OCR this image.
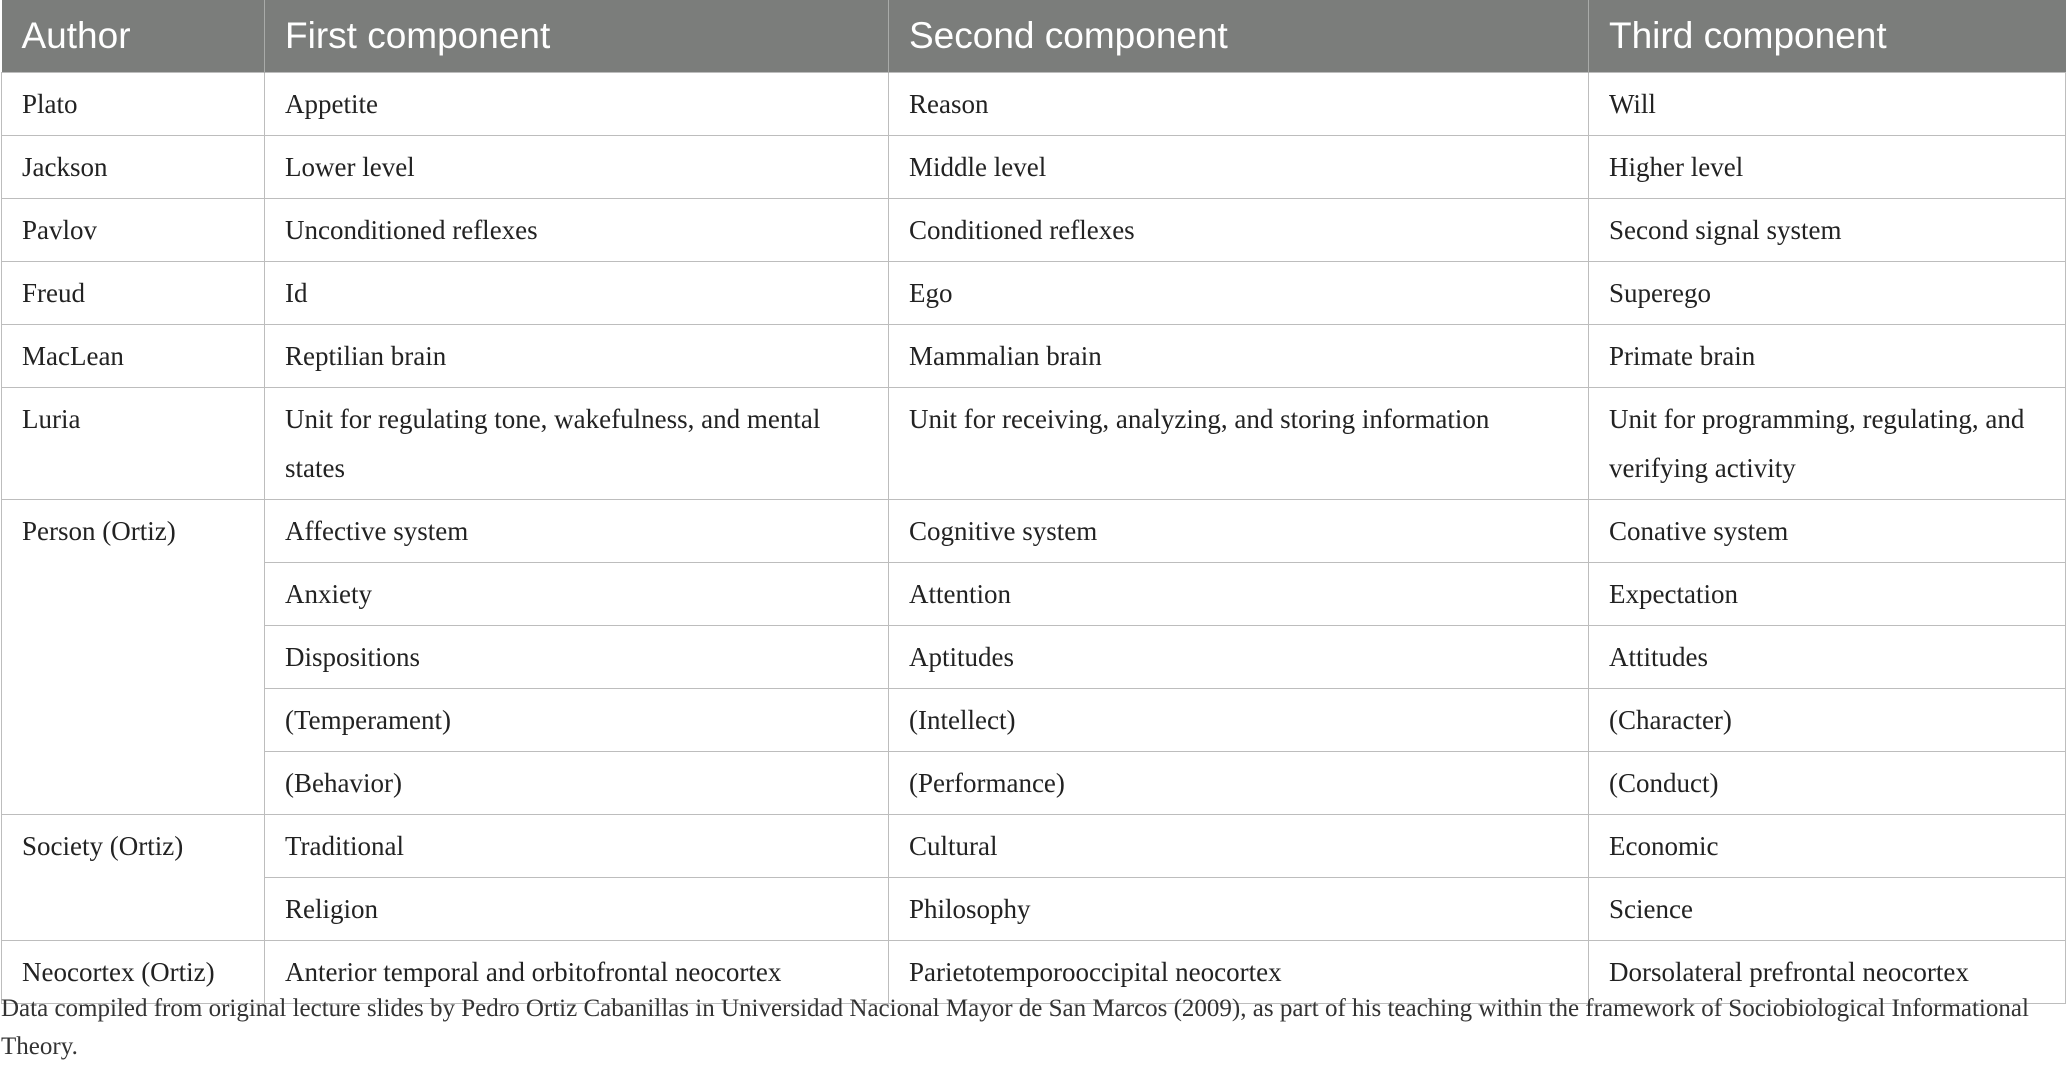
Author	First component	Second component	Third component
Plato	Appetite	Reason	Will
Jackson	Lower level	Middle level	Higher level
Pavlov	Unconditioned reflexes	Conditioned reflexes	Second signal system
Freud	Id	Ego	Superego
MacLean	Reptilian brain	Mammalian brain	Primate brain
Luria	Unit for regulating tone, wakefulness, and mental states	Unit for receiving, analyzing, and storing information	Unit for programming, regulating, and verifying activity
Person (Ortiz)	Affective system	Cognitive system	Conative system
	Anxiety	Attention	Expectation
	Dispositions	Aptitudes	Attitudes
	(Temperament)	(Intellect)	(Character)
	(Behavior)	(Performance)	(Conduct)
Society (Ortiz)	Traditional	Cultural	Economic
	Religion	Philosophy	Science
Neocortex (Ortiz)	Anterior temporal and orbitofrontal neocortex	Parietotemporooccipital neocortex	Dorsolateral prefrontal neocortex
Data compiled from original lecture slides by Pedro Ortiz Cabanillas in Universidad Nacional Mayor de San Marcos (2009), as part of his teaching within the framework of Sociobiological Informational Theory.
